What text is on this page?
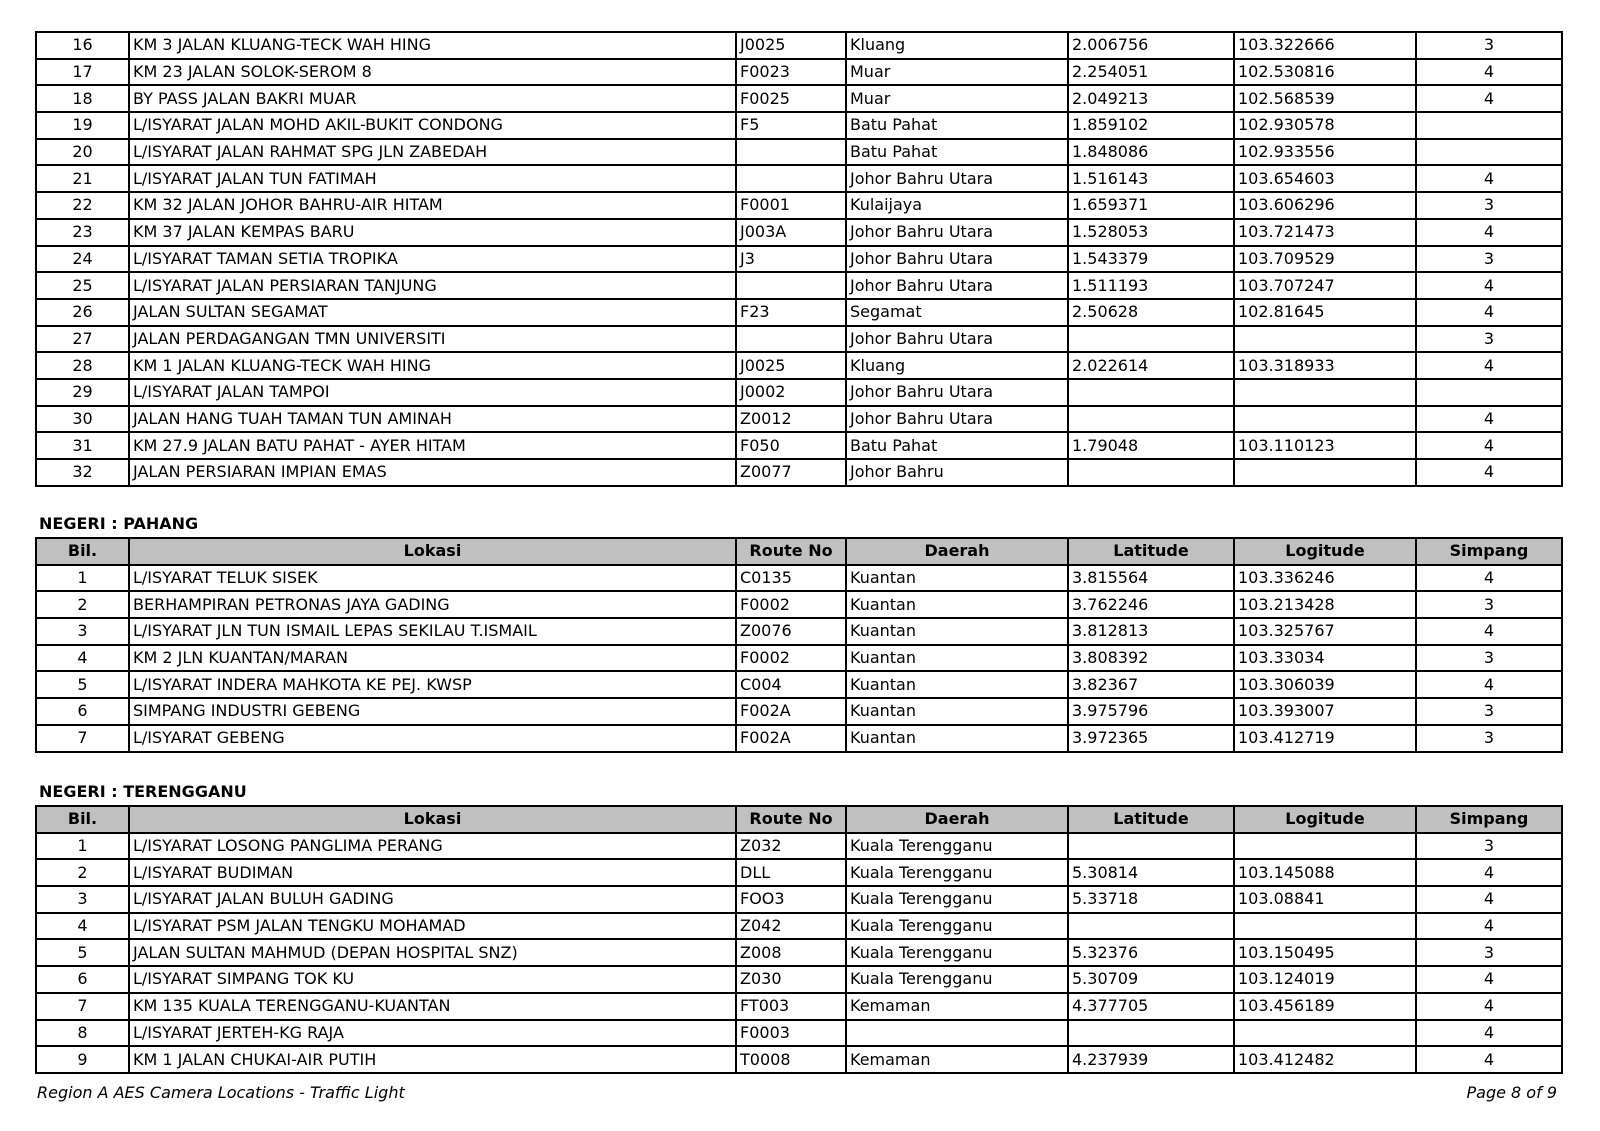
16	KM 3 JALAN KLUANG-TECK WAH HING	J0025	Kluang	2.006756	103.322666	3
17	KM 23 JALAN SOLOK-SEROM 8	F0023	Muar	2.254051	102.530816	4
18	BY PASS JALAN BAKRI MUAR	F0025	Muar	2.049213	102.568539	4
19	L/ISYARAT JALAN MOHD AKIL-BUKIT CONDONG	F5	Batu Pahat	1.859102	102.930578	
20	L/ISYARAT JALAN RAHMAT SPG JLN ZABEDAH		Batu Pahat	1.848086	102.933556	
21	L/ISYARAT JALAN TUN FATIMAH		Johor Bahru Utara	1.516143	103.654603	4
22	KM 32 JALAN JOHOR BAHRU-AIR HITAM	F0001	Kulaijaya	1.659371	103.606296	3
23	KM 37 JALAN KEMPAS BARU	J003A	Johor Bahru Utara	1.528053	103.721473	4
24	L/ISYARAT TAMAN SETIA TROPIKA	J3	Johor Bahru Utara	1.543379	103.709529	3
25	L/ISYARAT JALAN PERSIARAN TANJUNG		Johor Bahru Utara	1.511193	103.707247	4
26	JALAN SULTAN SEGAMAT	F23	Segamat	2.50628	102.81645	4
27	JALAN PERDAGANGAN TMN UNIVERSITI		Johor Bahru Utara			3
28	KM 1 JALAN KLUANG-TECK WAH HING	J0025	Kluang	2.022614	103.318933	4
29	L/ISYARAT JALAN TAMPOI	J0002	Johor Bahru Utara			
30	JALAN HANG TUAH TAMAN TUN AMINAH	Z0012	Johor Bahru Utara			4
31	KM 27.9 JALAN BATU PAHAT - AYER HITAM	F050	Batu Pahat	1.79048	103.110123	4
32	JALAN PERSIARAN IMPIAN EMAS	Z0077	Johor Bahru			4
NEGERI : PAHANG
Bil.	Lokasi	Route No	Daerah	Latitude	Logitude	Simpang
1	L/ISYARAT TELUK SISEK	C0135	Kuantan	3.815564	103.336246	4
2	BERHAMPIRAN PETRONAS JAYA GADING	F0002	Kuantan	3.762246	103.213428	3
3	L/ISYARAT JLN TUN ISMAIL LEPAS SEKILAU T.ISMAIL	Z0076	Kuantan	3.812813	103.325767	4
4	KM 2 JLN KUANTAN/MARAN	F0002	Kuantan	3.808392	103.33034	3
5	L/ISYARAT INDERA MAHKOTA KE PEJ. KWSP	C004	Kuantan	3.82367	103.306039	4
6	SIMPANG INDUSTRI GEBENG	F002A	Kuantan	3.975796	103.393007	3
7	L/ISYARAT GEBENG	F002A	Kuantan	3.972365	103.412719	3
NEGERI : TERENGGANU
Bil.	Lokasi	Route No	Daerah	Latitude	Logitude	Simpang
1	L/ISYARAT LOSONG PANGLIMA PERANG	Z032	Kuala Terengganu			3
2	L/ISYARAT BUDIMAN	DLL	Kuala Terengganu	5.30814	103.145088	4
3	L/ISYARAT JALAN BULUH GADING	FOO3	Kuala Terengganu	5.33718	103.08841	4
4	L/ISYARAT PSM JALAN TENGKU MOHAMAD	Z042	Kuala Terengganu			4
5	JALAN SULTAN MAHMUD (DEPAN HOSPITAL SNZ)	Z008	Kuala Terengganu	5.32376	103.150495	3
6	L/ISYARAT SIMPANG TOK KU	Z030	Kuala Terengganu	5.30709	103.124019	4
7	KM 135 KUALA TERENGGANU-KUANTAN	FT003	Kemaman	4.377705	103.456189	4
8	L/ISYARAT JERTEH-KG RAJA	F0003				4
9	KM 1 JALAN CHUKAI-AIR PUTIH	T0008	Kemaman	4.237939	103.412482	4
Region A AES Camera Locations - Traffic Light	Page 8 of 9
